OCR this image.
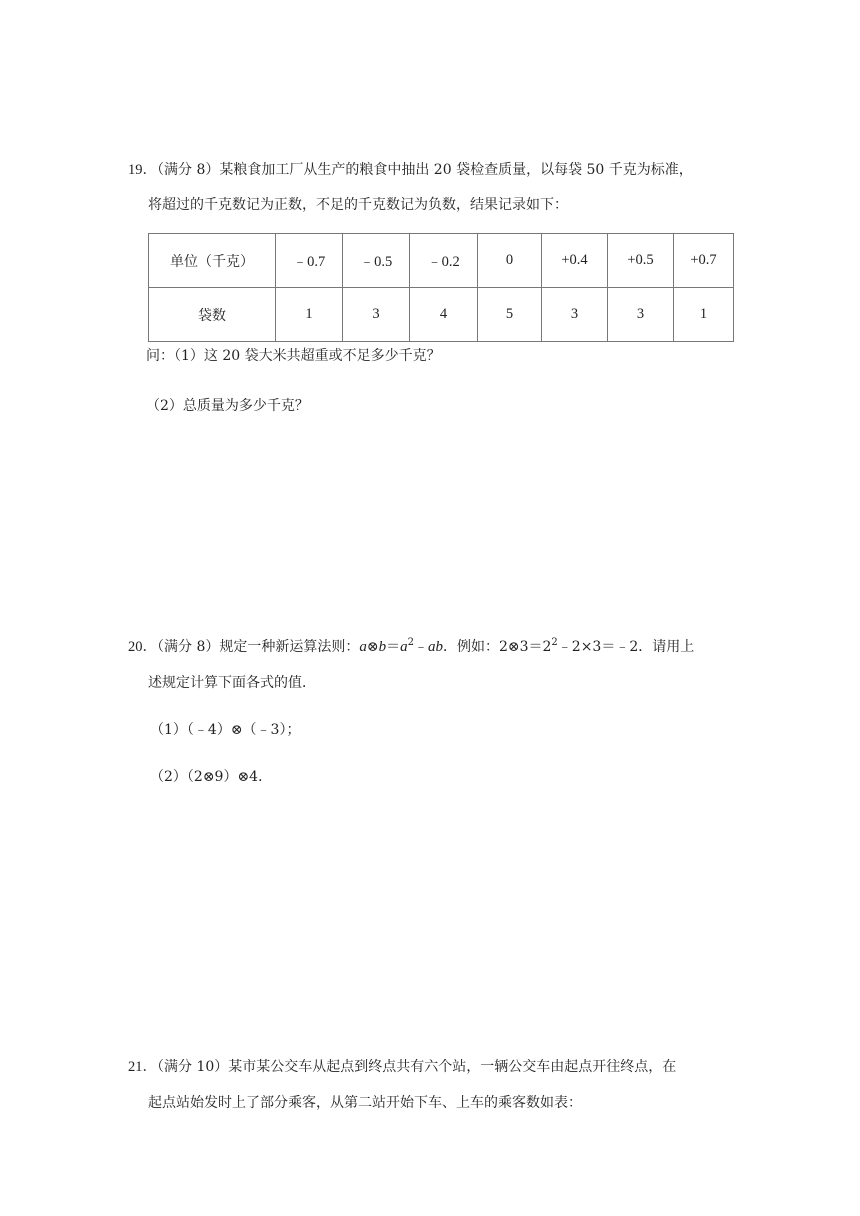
19．（满分 8）某粮食加工厂从生产的粮食中抽出 20 袋检查质量，以每袋 50 千克为标准，
将超过的千克数记为正数，不足的千克数记为负数，结果记录如下：
单位（千克）	﹣0.7	﹣0.5	﹣0.2	0	+0.4	+0.5	+0.7
袋数	1	3	4	5	3	3	1
问：（1）这 20 袋大米共超重或不足多少千克？
（2）总质量为多少千克？
20．（满分 8）规定一种新运算法则：$a\otimes b=a^2﹣ab$．例如：$2\otimes 3=2^2﹣2\times 3=﹣2$．请用上
述规定计算下面各式的值．
（1）（﹣4）⊗（﹣3）；
（2）（2⊗9）⊗4．
21．（满分 10）某市某公交车从起点到终点共有六个站，一辆公交车由起点开往终点，在
起点站始发时上了部分乘客，从第二站开始下车、上车的乘客数如表：
